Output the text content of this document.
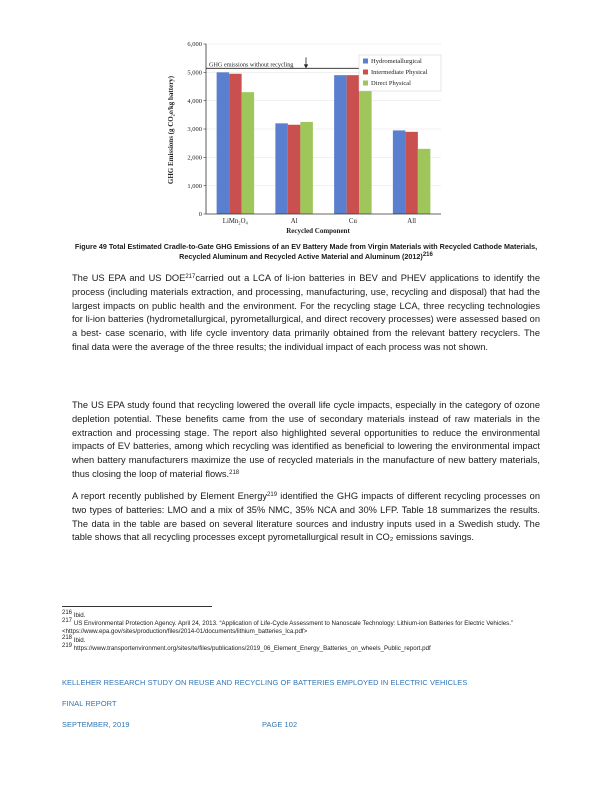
GHG emissions without recycling
0
1,000
2,000
3,000
4,000
5,000
6,000
LiMn₂O₄	Al	Cu	All
GHG Emissions (g CO₂e/kg battery)
Recycled Component
Hydrometallurgical
Intermediate Physical
Direct Physical
Figure 49 Total Estimated Cradle-to-Gate GHG Emissions of an EV Battery Made from Virgin Materials with Recycled Cathode Materials, Recycled Aluminum and Recycled Active Material and Aluminum $(2012)^{216}$

The US EPA and US DOE$^{217}$carried out a LCA of li-ion batteries in BEV and PHEV applications to identify the process (including materials extraction, and processing, manufacturing, use, recycling and disposal) that had the largest impacts on public health and the environment. For the recycling stage LCA, three recycling technologies for li-ion batteries (hydrometallurgical, pyrometallurgical, and direct recovery processes) were assessed based on a best- case scenario, with life cycle inventory data primarily obtained from the relevant battery recyclers. The final data were the average of the three results; the individual impact of each process was not shown.

The US EPA study found that recycling lowered the overall life cycle impacts, especially in the category of ozone depletion potential. These benefits came from the use of secondary materials instead of raw materials in the extraction and processing stage. The report also highlighted several opportunities to reduce the environmental impacts of EV batteries, among which recycling was identified as beneficial to lowering the environmental impact when battery manufacturers maximize the use of recycled materials in the manufacture of new battery materials, thus closing the loop of material flows.$^{218}$

A report recently published by Element Energy$^{219}$ identified the GHG impacts of different recycling processes on two types of batteries: LMO and a mix of 35% NMC, 35% NCA and 30% LFP. Table 18 summarizes the results. The data in the table are based on several literature sources and industry inputs used in a Swedish study. The table shows that all recycling processes except pyrometallurgical result in CO₂ emissions savings.

$^{216}$ Ibid.

$^{217}$ US Environmental Protection Agency. April 24, 2013. “Application of Life-Cycle Assessment to Nanoscale Technology: Lithium-ion Batteries for Electric Vehicles.” <https://www.epa.gov/sites/production/files/2014-01/documents/lithium_batteries_lca.pdf>

$^{218}$ Ibid.

$^{219}$ https://www.transportenvironment.org/sites/te/files/publications/2019_06_Element_Energy_Batteries_on_wheels_Public_report.pdf

KELLEHER RESEARCH STUDY ON REUSE AND RECYCLING OF BATTERIES EMPLOYED IN ELECTRIC VEHICLES
FINAL REPORT
SEPTEMBER, 2019	PAGE 102
